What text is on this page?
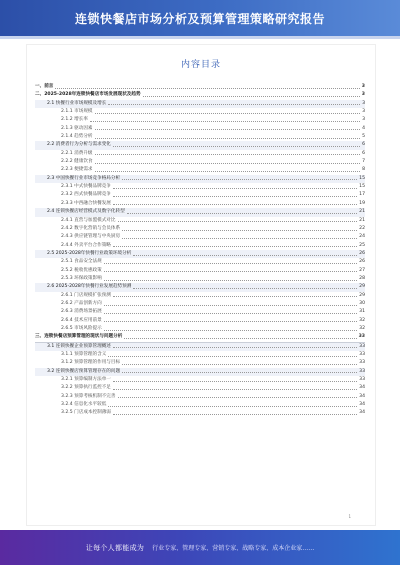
连锁快餐店市场分析及预算管理策略研究报告
内容目录
一、前言	3
二、2025-2028年连锁快餐店市场发展现状及趋势	3
2.1 快餐行业市场规模及增长	3
2.1.1 市场规模	3
2.1.2 增长率	3
2.1.3 驱动因素	4
2.1.4 趋势分析	5
2.2 消费者行为分析与需求变化	6
2.2.1 消费升级	6
2.2.2 健康饮食	7
2.2.3 便捷需求	8
2.3 中国快餐行业市场竞争格局分析	15
2.3.1 中式快餐品牌竞争	15
2.3.2 西式快餐品牌竞争	17
2.3.3 中西融合快餐发展	19
2.4 连锁快餐店经营模式及数字化转型	21
2.4.1 直营与加盟模式对比	21
2.4.2 数字化营销与会员体系	22
2.4.3 供应链管理与中央厨房	24
2.4.4 外卖平台合作策略	25
2.5 2025-2028年快餐行业政策环境分析	26
2.5.1 食品安全法规	26
2.5.2 税收优惠政策	27
2.5.3 环保政策影响	28
2.6 2025-2028年快餐行业发展趋势预测	29
2.6.1 门店规模扩张预测	29
2.6.2 产品创新方向	30
2.6.3 消费场景拓展	31
2.6.4 技术应用前景	32
2.6.5 市场风险提示	32
三、连锁快餐店预算管理的现状与问题分析	33
3.1 连锁快餐企业预算管理概述	33
3.1.1 预算管理的含义	33
3.1.2 预算管理的作用与目标	33
3.2 连锁快餐店预算管理存在的问题	33
3.2.1 预算编制方法单一	33
3.2.2 预算执行监控不足	34
3.2.3 预算考核机制不完善	34
3.2.4 信息化水平较低	34
3.2.5 门店成本控制薄弱	34
1
让每个人都能成为 行业专家、管理专家、营销专家、战略专家、成本企业家……
